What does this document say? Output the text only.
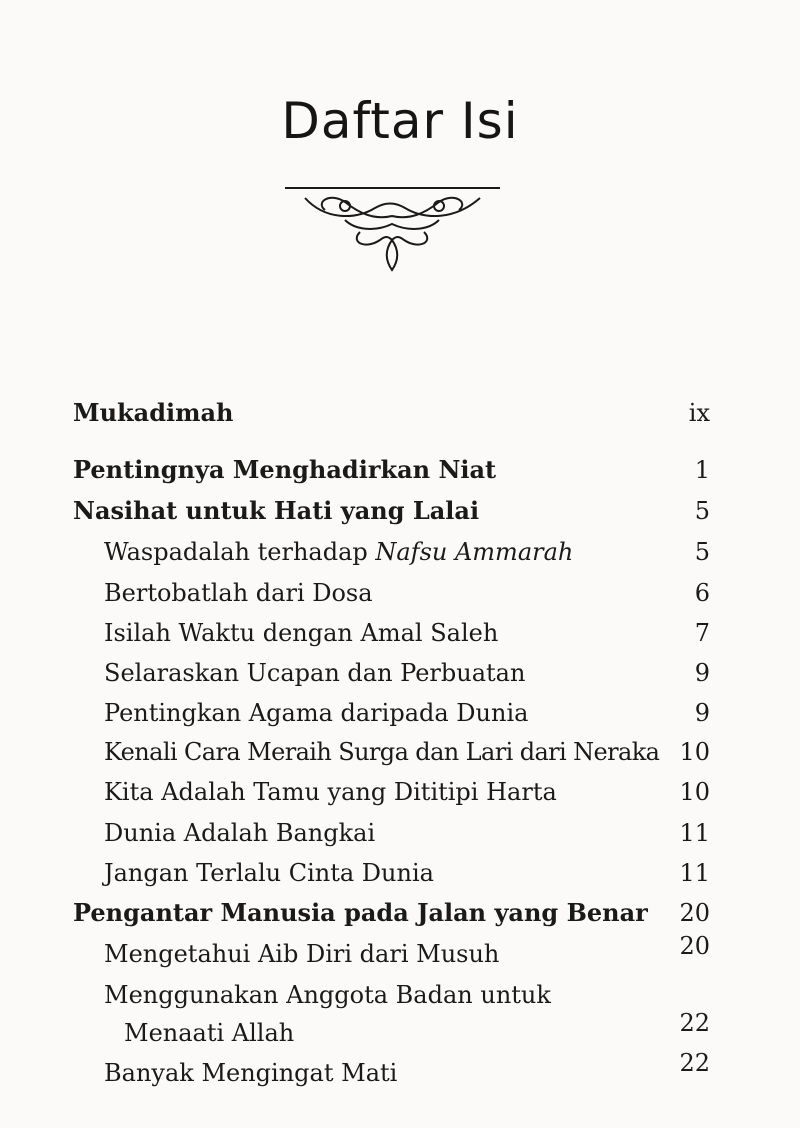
Daftar Isi
Mukadimah	ix
Pentingnya Menghadirkan Niat	1
Nasihat untuk Hati yang Lalai	5
Waspadalah terhadap Nafsu Ammarah	5
Bertobatlah dari Dosa	6
Isilah Waktu dengan Amal Saleh	7
Selaraskan Ucapan dan Perbuatan	9
Pentingkan Agama daripada Dunia	9
Kenali Cara Meraih Surga dan Lari dari Neraka 10
Kita Adalah Tamu yang Dititipi Harta	10
Dunia Adalah Bangkai	11
Jangan Terlalu Cinta Dunia	11
Pengantar Manusia pada Jalan yang Benar 20
Mengetahui Aib Diri dari Musuh	20
Menggunakan Anggota Badan untuk
Menaati Allah	22
Banyak Mengingat Mati	22
